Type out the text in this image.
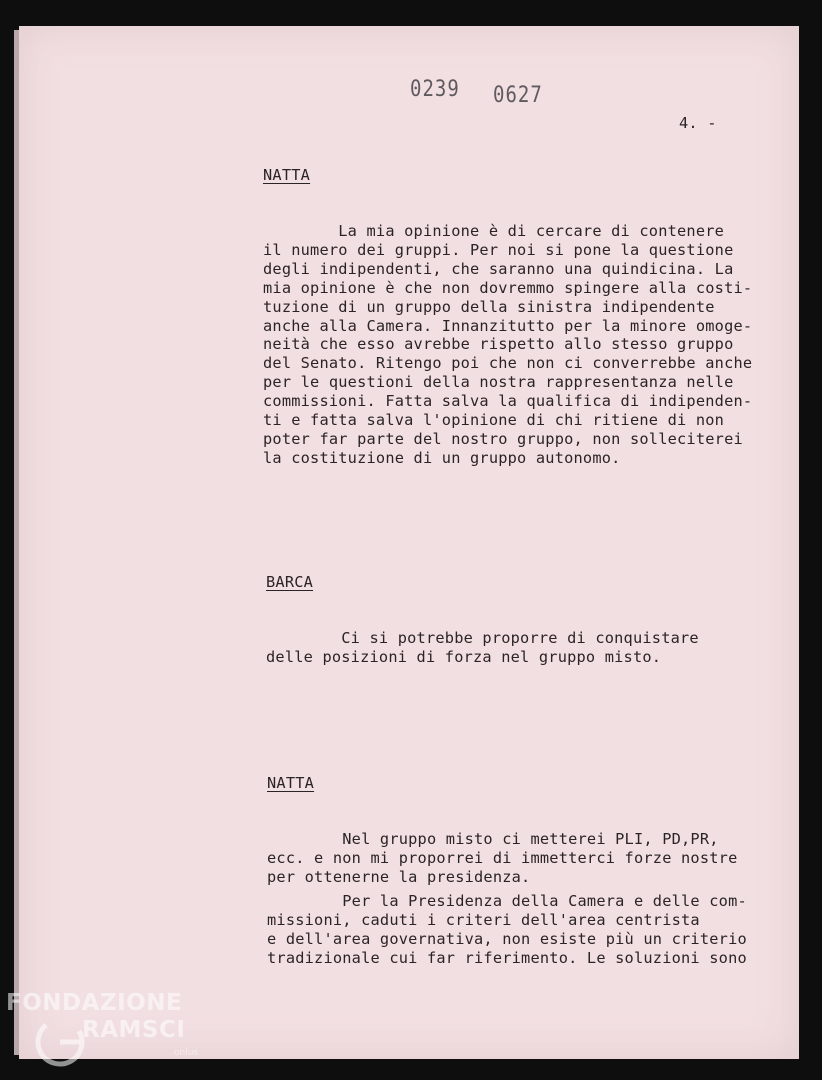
0239 0627

4. -

NATTA

La mia opinione è di cercare di contenere
il numero dei gruppi. Per noi si pone la questione
degli indipendenti, che saranno una quindicina. La
mia opinione è che non dovremmo spingere alla costi-
tuzione di un gruppo della sinistra indipendente
anche alla Camera. Innanzitutto per la minore omoge-
neità che esso avrebbe rispetto allo stesso gruppo
del Senato. Ritengo poi che non ci converrebbe anche
per le questioni della nostra rappresentanza nelle
commissioni. Fatta salva la qualifica di indipenden-
ti e fatta salva l'opinione di chi ritiene di non
poter far parte del nostro gruppo, non solleciterei
la costituzione di un gruppo autonomo.

BARCA

Ci si potrebbe proporre di conquistare
delle posizioni di forza nel gruppo misto.

NATTA

Nel gruppo misto ci metterei PLI, PD,PR,
ecc. e non mi proporrei di immetterci forze nostre
per ottenerne la presidenza.

Per la Presidenza della Camera e delle com-
missioni, caduti i criteri dell'area centrista
e dell'area governativa, non esiste più un criterio
tradizionale cui far riferimento. Le soluzioni sono

FONDAZIONE

RAMSCI

onlus
